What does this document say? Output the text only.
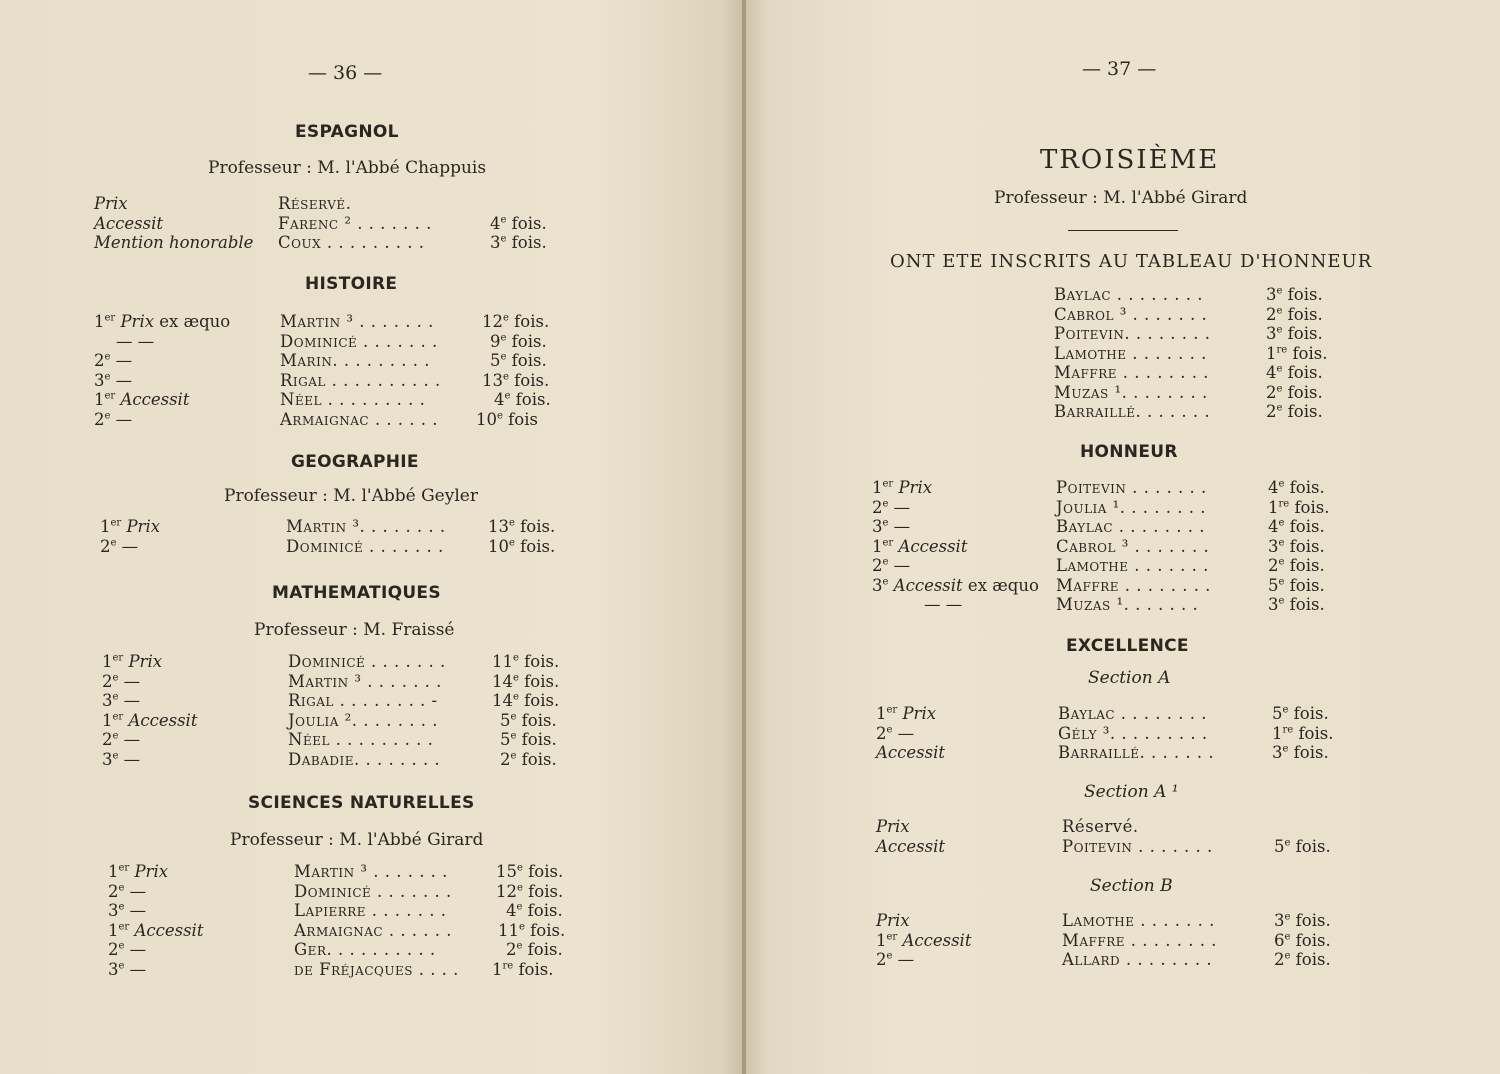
— 36 —
ESPAGNOL
Professeur : M. l'Abbé Chappuis
Prix	Réservé.
Accessit	Farenc ² . . . . . . .	4e fois.
Mention honorable Coux . . . . . . . . .	3e fois.
HISTOIRE
1er Prix ex æquo	Martin ³ . . . . . . .	12e fois.
— —	Dominicé . . . . . . .	9e fois.
2e —	Marin. . . . . . . . .	5e fois.
3e —	Rigal . . . . . . . . . . 13e fois.
1er Accessit	Néel . . . . . . . . .	4e fois.
2e —	Armaignac . . . . . . 10e fois
GEOGRAPHIE
Professeur : M. l'Abbé Geyler
1er Prix	Martin ³. . . . . . . .	13e fois.
2e —	Dominicé . . . . . . .	10e fois.
MATHEMATIQUES
Professeur : M. Fraissé
1er Prix	Dominicé . . . . . . .	11e fois.
2e —	Martin ³ . . . . . . .	14e fois.
3e —	Rigal . . . . . . . . -	14e fois.
1er Accessit	Joulia ². . . . . . . .	5e fois.
2e —	Néel . . . . . . . . .	5e fois.
3e —	Dabadie. . . . . . . .	2e fois.
SCIENCES NATURELLES
Professeur : M. l'Abbé Girard
1er Prix	Martin ³ . . . . . . .	15e fois.
2e —	Dominicé . . . . . . .	12e fois.
3e —	Lapierre . . . . . . .	4e fois.
1er Accessit	Armaignac . . . . . .	11e fois.
2e —	Ger. . . . . . . . . .	2e fois.
3e —	de Fréjacques . . . . 1re fois.
— 37 —
TROISIÈME
Professeur : M. l'Abbé Girard
ONT ETE INSCRITS AU TABLEAU D'HONNEUR
Baylac . . . . . . . .	3e fois.
Cabrol ³ . . . . . . .	2e fois.
Poitevin. . . . . . . .	3e fois.
Lamothe . . . . . . .	1re fois.
Maffre . . . . . . . .	4e fois.
Muzas ¹. . . . . . . .	2e fois.
Barraillé. . . . . . .	2e fois.
HONNEUR
1er Prix	Poitevin . . . . . . .	4e fois.
2e —	Joulia ¹. . . . . . . .	1re fois.
3e —	Baylac . . . . . . . .	4e fois.
1er Accessit	Cabrol ³ . . . . . . .	3e fois.
2e —	Lamothe . . . . . . .	2e fois.
3e Accessit ex æquo Maffre . . . . . . . .	5e fois.
— —	Muzas ¹. . . . . . .	3e fois.
EXCELLENCE
Section A
1er Prix	Baylac . . . . . . . .	5e fois.
2e —	Gély ³. . . . . . . . .	1re fois.
Accessit	Barraillé. . . . . . .	3e fois.
Section A ¹
Prix	Réservé.
Accessit	Poitevin . . . . . . .	5e fois.
Section B
Prix	Lamothe . . . . . . .	3e fois.
1er Accessit	Maffre . . . . . . . .	6e fois.
2e —	Allard . . . . . . . .	2e fois.
